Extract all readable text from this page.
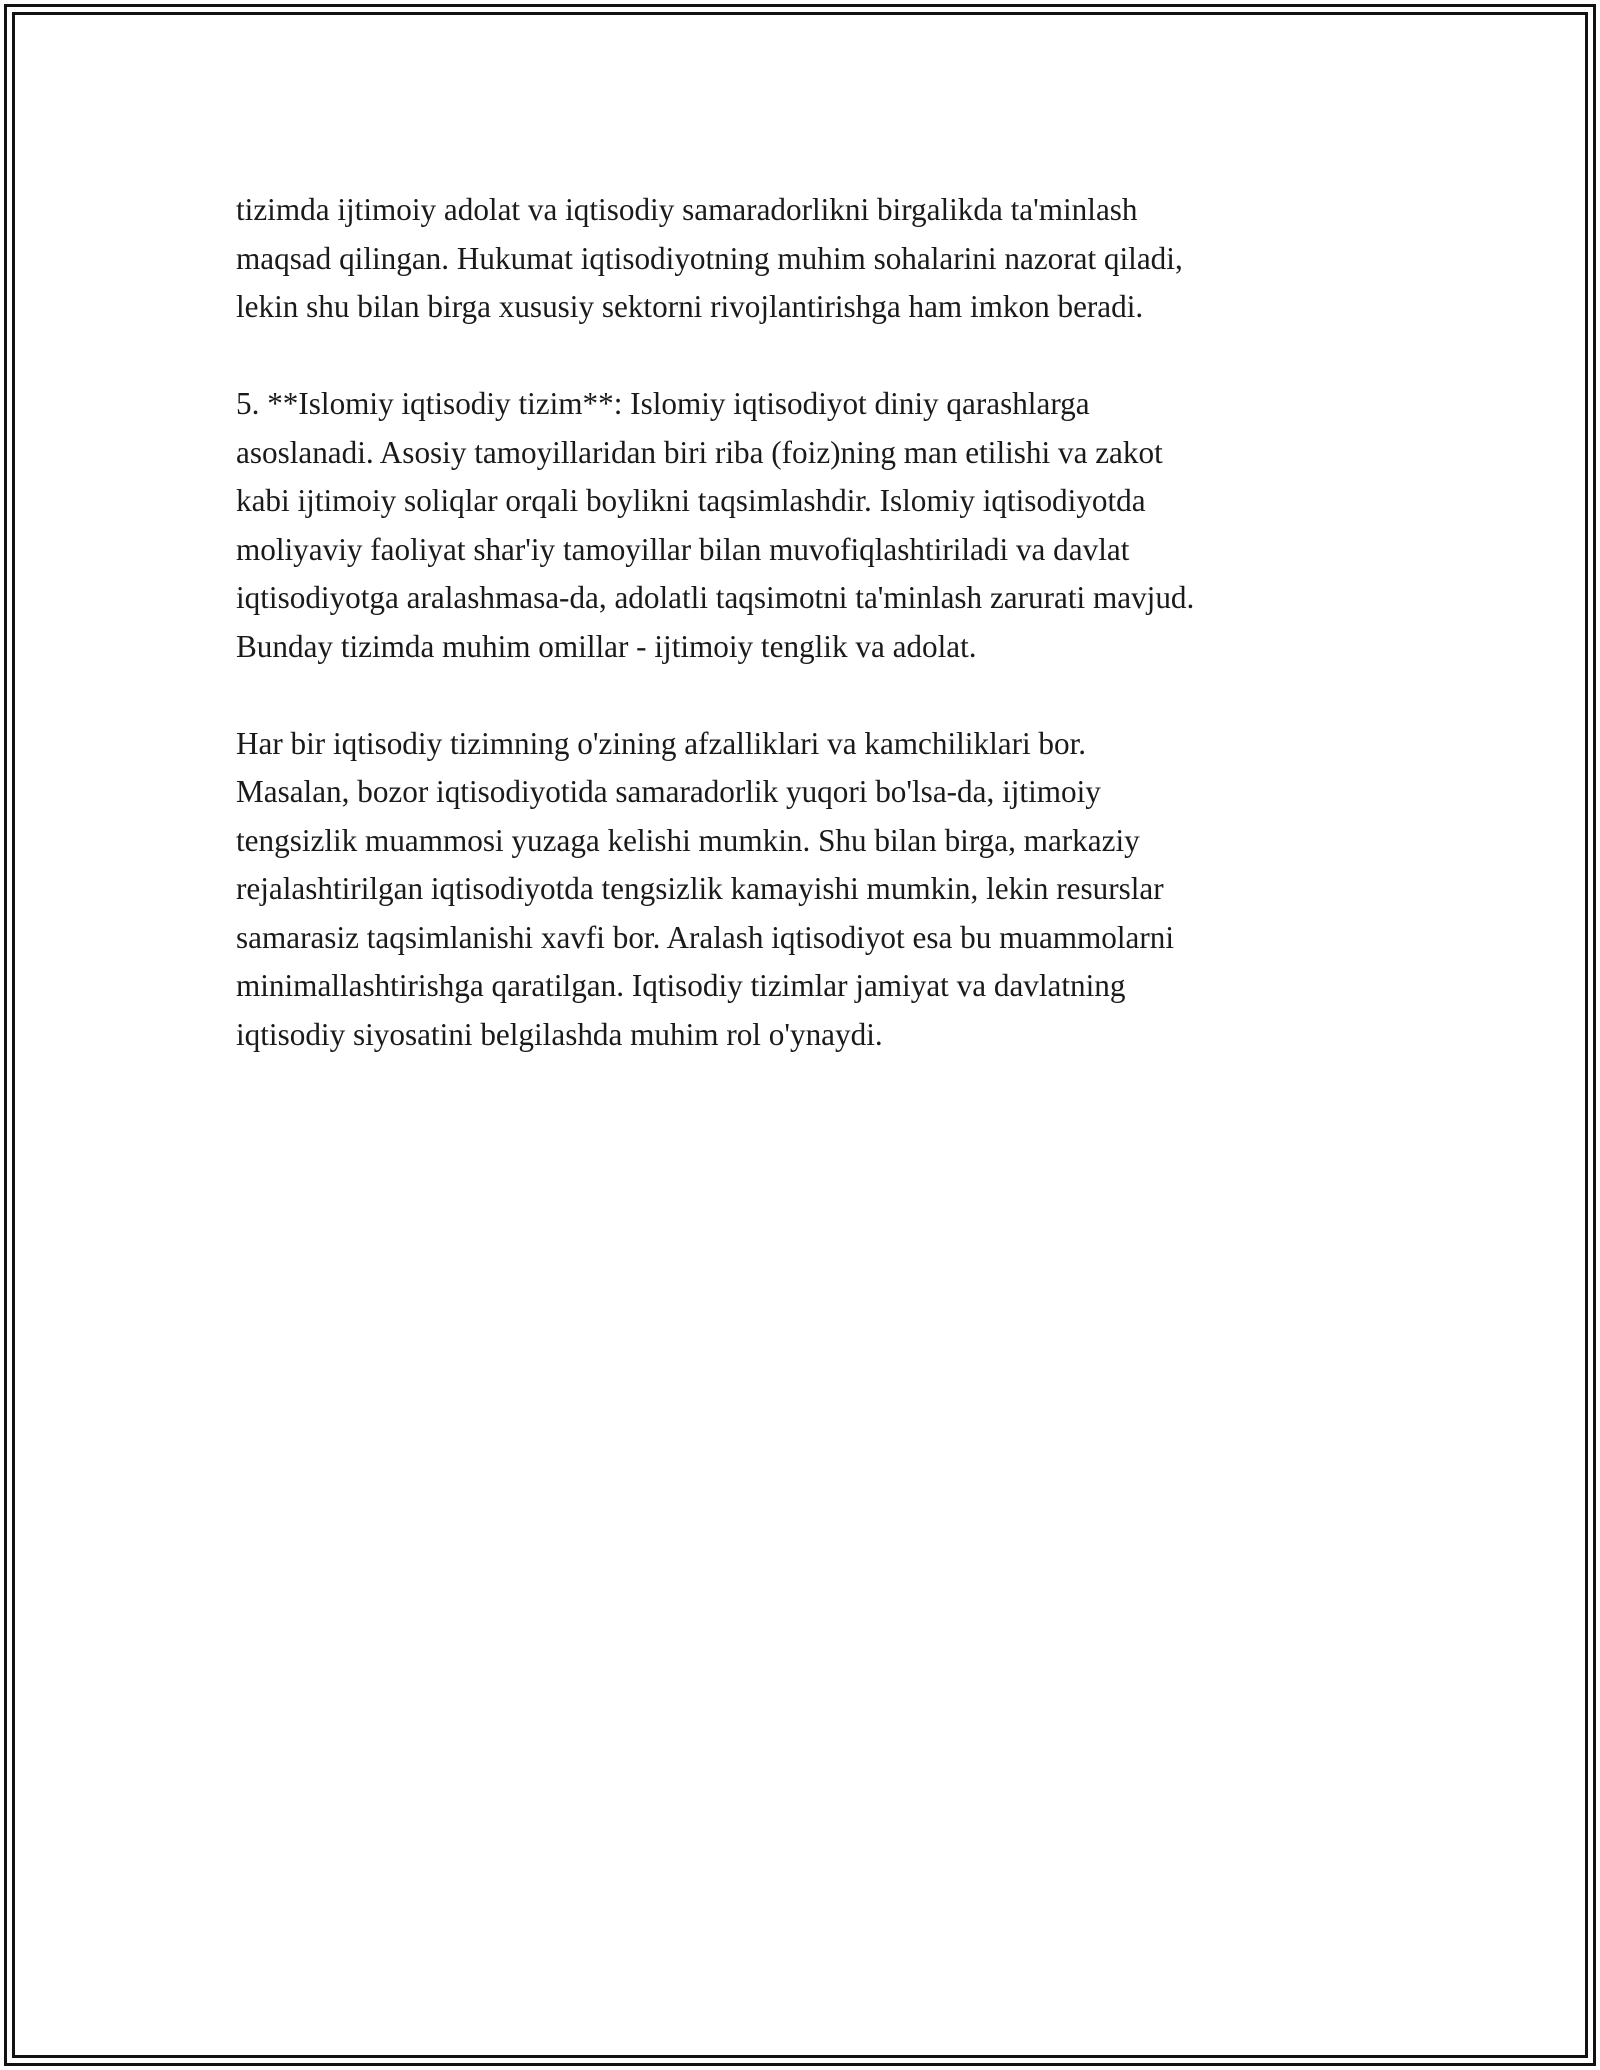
tizimda ijtimoiy adolat va iqtisodiy samaradorlikni birgalikda ta'minlash
maqsad qilingan. Hukumat iqtisodiyotning muhim sohalarini nazorat qiladi,
lekin shu bilan birga xususiy sektorni rivojlantirishga ham imkon beradi.

5. **Islomiy iqtisodiy tizim**: Islomiy iqtisodiyot diniy qarashlarga
asoslanadi. Asosiy tamoyillaridan biri riba (foiz)ning man etilishi va zakot
kabi ijtimoiy soliqlar orqali boylikni taqsimlashdir. Islomiy iqtisodiyotda
moliyaviy faoliyat shar'iy tamoyillar bilan muvofiqlashtiriladi va davlat
iqtisodiyotga aralashmasa-da, adolatli taqsimotni ta'minlash zarurati mavjud.
Bunday tizimda muhim omillar - ijtimoiy tenglik va adolat.

Har bir iqtisodiy tizimning o'zining afzalliklari va kamchiliklari bor.
Masalan, bozor iqtisodiyotida samaradorlik yuqori bo'lsa-da, ijtimoiy
tengsizlik muammosi yuzaga kelishi mumkin. Shu bilan birga, markaziy
rejalashtirilgan iqtisodiyotda tengsizlik kamayishi mumkin, lekin resurslar
samarasiz taqsimlanishi xavfi bor. Aralash iqtisodiyot esa bu muammolarni
minimallashtirishga qaratilgan. Iqtisodiy tizimlar jamiyat va davlatning
iqtisodiy siyosatini belgilashda muhim rol o'ynaydi.
